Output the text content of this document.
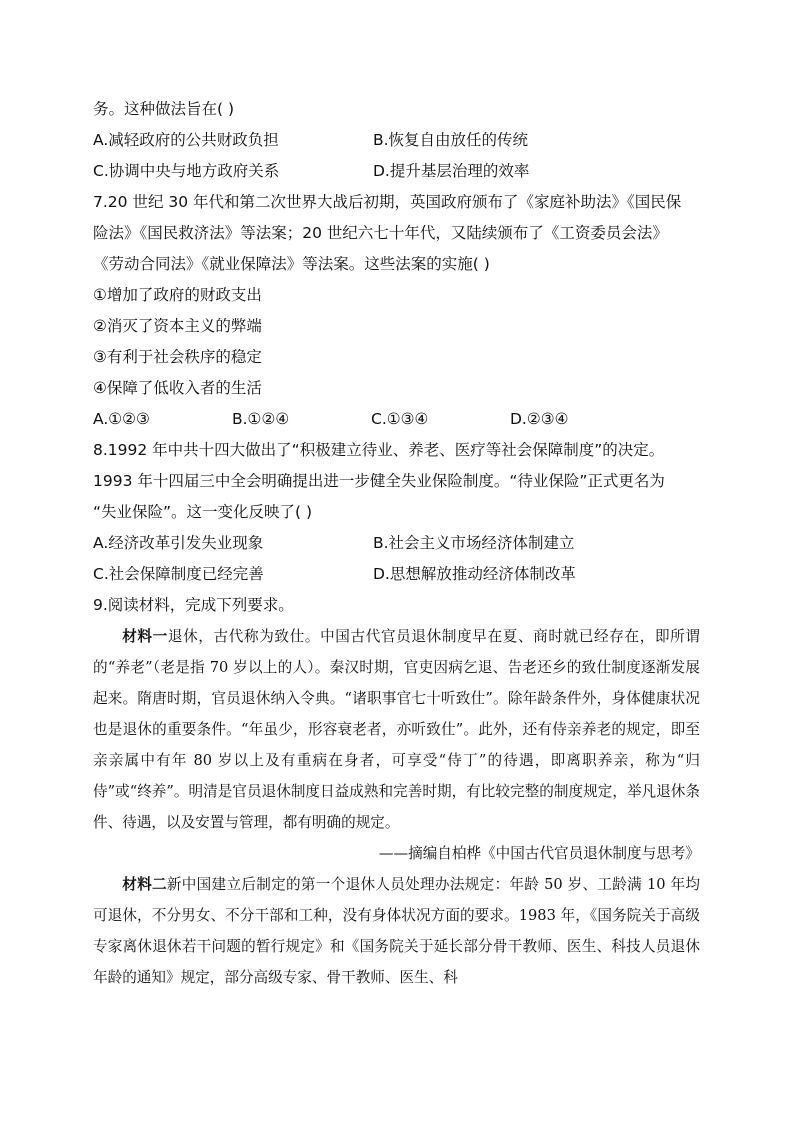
务。这种做法旨在( )
A.减轻政府的公共财政负担	B.恢复自由放任的传统
C.协调中央与地方政府关系	D.提升基层治理的效率
7.20 世纪 30 年代和第二次世界大战后初期，英国政府颁布了《家庭补助法》《国民保
险法》《国民救济法》等法案；20 世纪六七十年代，又陆续颁布了《工资委员会法》
《劳动合同法》《就业保障法》等法案。这些法案的实施( )
①增加了政府的财政支出
②消灭了资本主义的弊端
③有利于社会秩序的稳定
④保障了低收入者的生活
A.①②③	B.①②④	C.①③④	D.②③④
8.1992 年中共十四大做出了“积极建立待业、养老、医疗等社会保障制度”的决定。
1993 年十四届三中全会明确提出进一步健全失业保险制度。“待业保险”正式更名为
“失业保险”。这一变化反映了( )
A.经济改革引发失业现象	B.社会主义市场经济体制建立
C.社会保障制度已经完善	D.思想解放推动经济体制改革
9.阅读材料，完成下列要求。

材料一退休，古代称为致仕。中国古代官员退休制度早在夏、商时就已经存在，即所谓的“养老”（老是指 70 岁以上的人）。秦汉时期，官吏因病乞退、告老还乡的致仕制度逐渐发展起来。隋唐时期，官员退休纳入令典。“诸职事官七十听致仕”。除年龄条件外，身体健康状况也是退休的重要条件。“年虽少，形容衰老者，亦听致仕”。此外，还有侍亲养老的规定，即至亲亲属中有年 80 岁以上及有重病在身者，可享受“侍丁”的待遇，即离职养亲，称为“归侍”或“终养”。明清是官员退休制度日益成熟和完善时期，有比较完整的制度规定，举凡退休条件、待遇，以及安置与管理，都有明确的规定。

——摘编自柏桦《中国古代官员退休制度与思考》

材料二新中国建立后制定的第一个退休人员处理办法规定：年龄 50 岁、工龄满 10 年均可退休，不分男女、不分干部和工种，没有身体状况方面的要求。1983 年，《国务院关于高级专家离休退休若干问题的暂行规定》和《国务院关于延长部分骨干教师、医生、科技人员退休年龄的通知》规定，部分高级专家、骨干教师、医生、科
